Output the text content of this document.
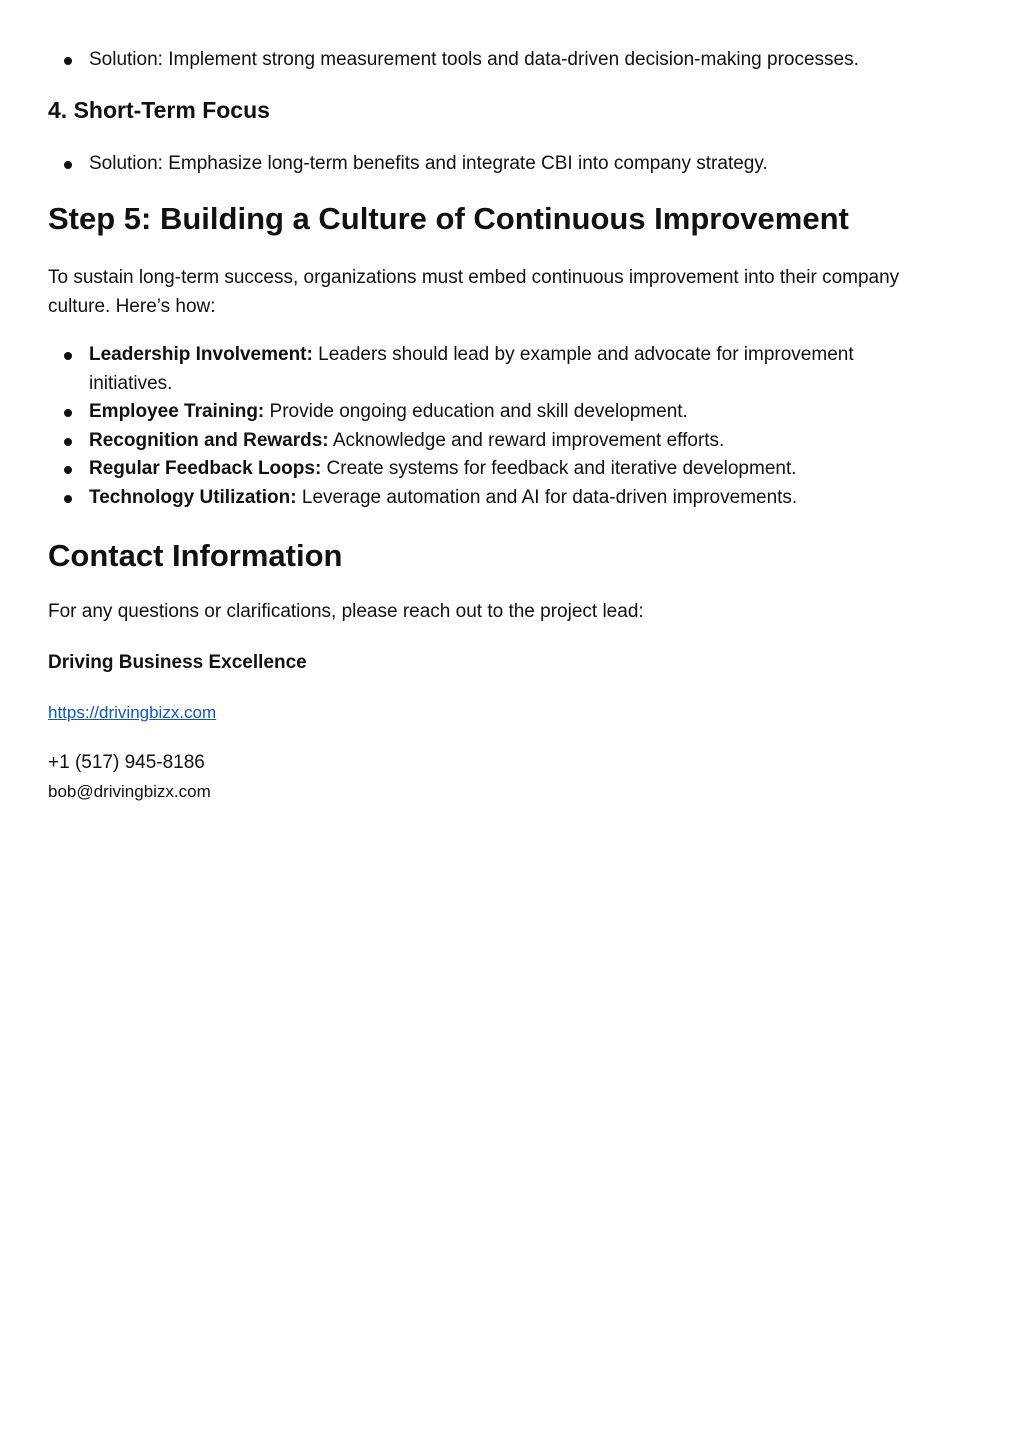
Solution: Implement strong measurement tools and data-driven decision-making processes.
4. Short-Term Focus
Solution: Emphasize long-term benefits and integrate CBI into company strategy.
Step 5: Building a Culture of Continuous Improvement

To sustain long-term success, organizations must embed continuous improvement into their company culture. Here’s how:

Leadership Involvement: Leaders should lead by example and advocate for improvement initiatives.
Employee Training: Provide ongoing education and skill development.
Recognition and Rewards: Acknowledge and reward improvement efforts.
Regular Feedback Loops: Create systems for feedback and iterative development.
Technology Utilization: Leverage automation and AI for data-driven improvements.
Contact Information

For any questions or clarifications, please reach out to the project lead:

Driving Business Excellence

https://drivingbizx.com
+1 (517) 945-8186
bob@drivingbizx.com
